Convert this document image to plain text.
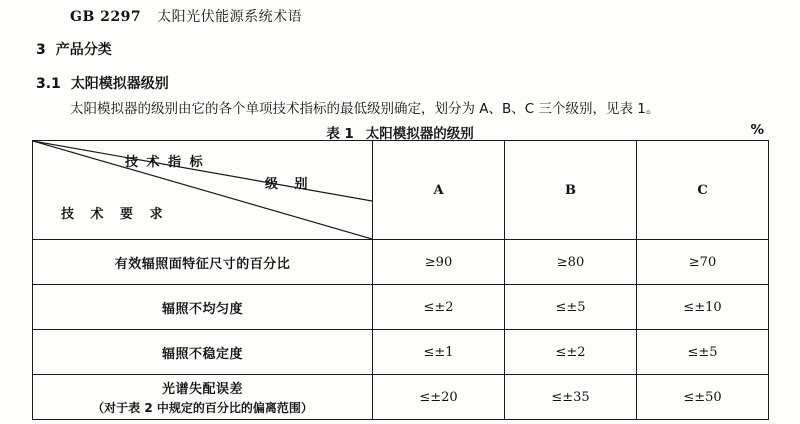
GB 2297 太阳光伏能源系统术语
3 产品分类
3.1 太阳模拟器级别
太阳模拟器的级别由它的各个单项技术指标的最低级别确定，划分为 A、B、C 三个级别，见表 1。
表 1 太阳模拟器的级别	%
技 术 指 标
级 别
技 术 要 求	A	B	C
有效辐照面特征尺寸的百分比	≥90	≥80	≥70
辐照不均匀度	≤±2	≤±5	≤±10
辐照不稳定度	≤±1	≤±2	≤±5
光谱失配误差
（对于表 2 中规定的百分比的偏离范围）	≤±20	≤±35	≤±50
